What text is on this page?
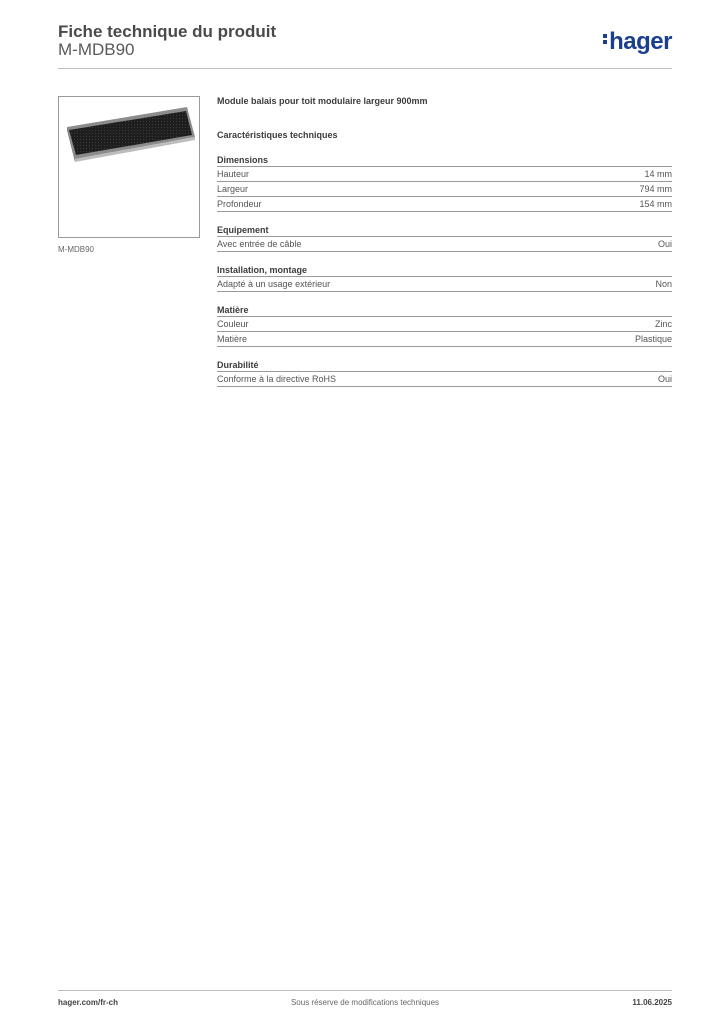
Fiche technique du produit
M-MDB90	hager
M-MDB90
Module balais pour toit modulaire largeur 900mm
Caractéristiques techniques
Dimensions
Hauteur	14 mm
Largeur	794 mm
Profondeur	154 mm
Equipement
Avec entrée de câble	Oui
Installation, montage
Adapté à un usage extérieur	Non
Matière
Couleur	Zinc
Matière	Plastique
Durabilité
Conforme à la directive RoHS	Oui
hager.com/fr-ch	Sous réserve de modifications techniques	11.06.2025
